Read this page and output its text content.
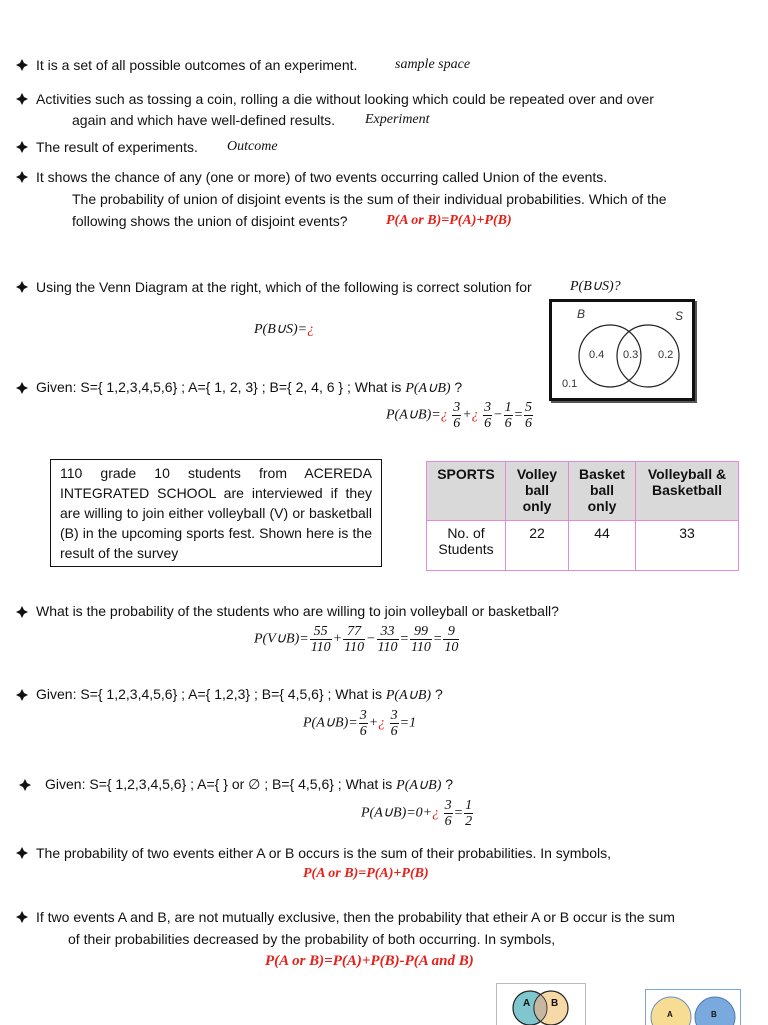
It is a set of all possible outcomes of an experiment.	sample space
Activities such as tossing a coin, rolling a die without looking which could be repeated over and over
again and which have well-defined results. Experiment
The result of experiments. Outcome
It shows the chance of any (one or more) of two events occurring called Union of the events.
The probability of union of disjoint events is the sum of their individual probabilities. Which of the
following shows the union of disjoint events?	P(A or B)=P(A)+P(B)
Using the Venn Diagram at the right, which of the following is correct solution for	P(B∪S)?
P(B∪S)=¿
B	S
0.4 0.3 0.2
0.1
Given: S={ 1,2,3,4,5,6} ; A={ 1, 2, 3} ; B={ 2, 4, 6 } ; What is P(A∪B) ?
P(A∪B)=¿ $\frac{3}{6}$ +¿ $\frac{3}{6} - \frac{1}{6} = \frac{5}{6}$
110 grade 10 students from ACEREDA INTEGRATED SCHOOL are interviewed if they are willing to join either volleyball (V) or basketball (B) in the upcoming sports fest. Shown here is the result of the survey
SPORTS	Volley ball only	Basket ball only	Volleyball & Basketball
No. of Students	22	44	33
What is the probability of the students who are willing to join volleyball or basketball?
P(V∪B)= $\frac{55}{110} + \frac{77}{110} - \frac{33}{110} = \frac{99}{110} = \frac{9}{10}$
Given: S={ 1,2,3,4,5,6} ; A={ 1,2,3} ; B={ 4,5,6} ; What is P(A∪B) ?
P(A∪B)= $\frac{3}{6}$ +¿ $\frac{3}{6} =1$
Given: S={ 1,2,3,4,5,6} ; A={ } or ∅ ; B={ 4,5,6} ; What is P(A∪B) ?
P(A∪B)=0+¿ $\frac{3}{6} = \frac{1}{2}$
The probability of two events either A or B occurs is the sum of their probabilities. In symbols,
P(A or B)=P(A)+P(B)
If two events A and B, are not mutually exclusive, then the probability that etheir A or B occur is the sum
of their probabilities decreased by the probability of both occurring. In symbols,
P(A or B)=P(A)+P(B)-P(A and B)
A B
A	B
